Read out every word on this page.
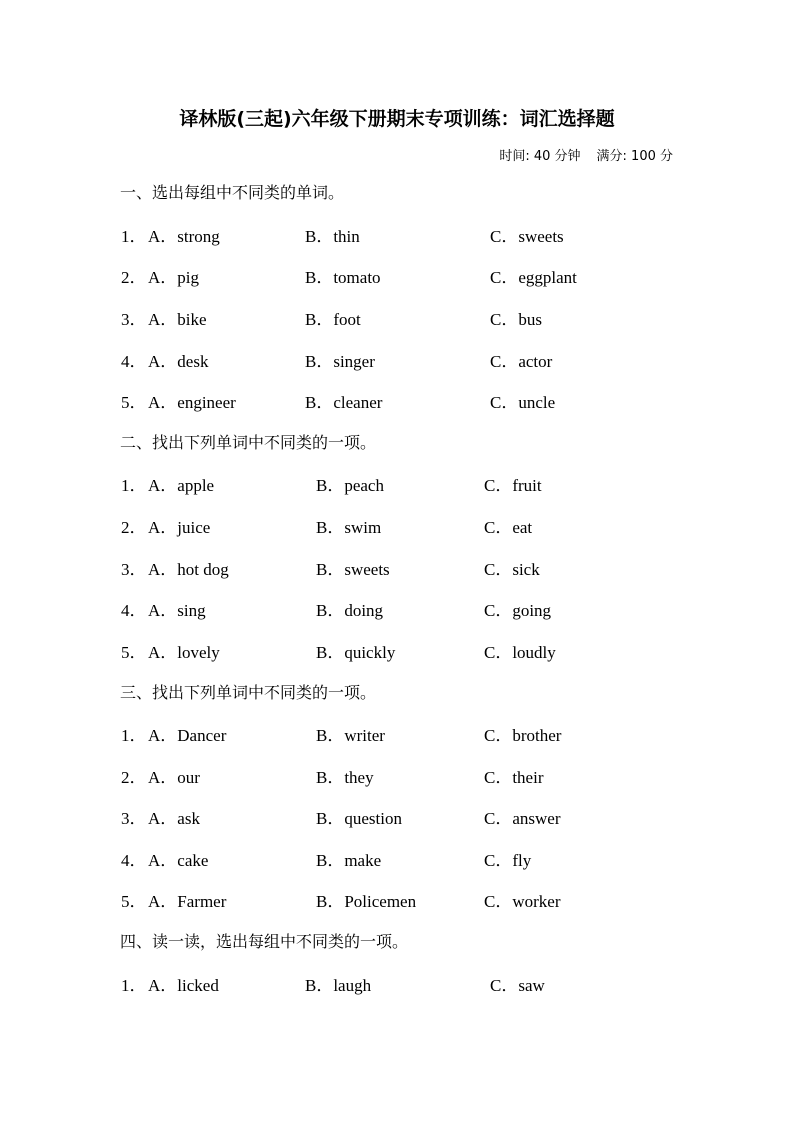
译林版(三起)六年级下册期末专项训练：词汇选择题
时间: 40 分钟 满分: 100 分
一、选出每组中不同类的单词。
1． A．strong	B．thin	C．sweets
2． A．pig	B．tomato	C．eggplant
3． A．bike	B．foot	C．bus
4． A．desk	B．singer	C．actor
5． A．engineer	B．cleaner	C．uncle
二、找出下列单词中不同类的一项。
1． A．apple	B．peach	C．fruit
2． A．juice	B．swim	C．eat
3． A．hot dog	B．sweets	C．sick
4． A．sing	B．doing	C．going
5． A．lovely	B．quickly	C．loudly
三、找出下列单词中不同类的一项。
1． A．Dancer	B．writer	C．brother
2． A．our	B．they	C．their
3． A．ask	B．question	C．answer
4． A．cake	B．make	C．fly
5． A．Farmer	B．Policemen	C．worker
四、读一读，选出每组中不同类的一项。
1． A．licked	B．laugh	C．saw
